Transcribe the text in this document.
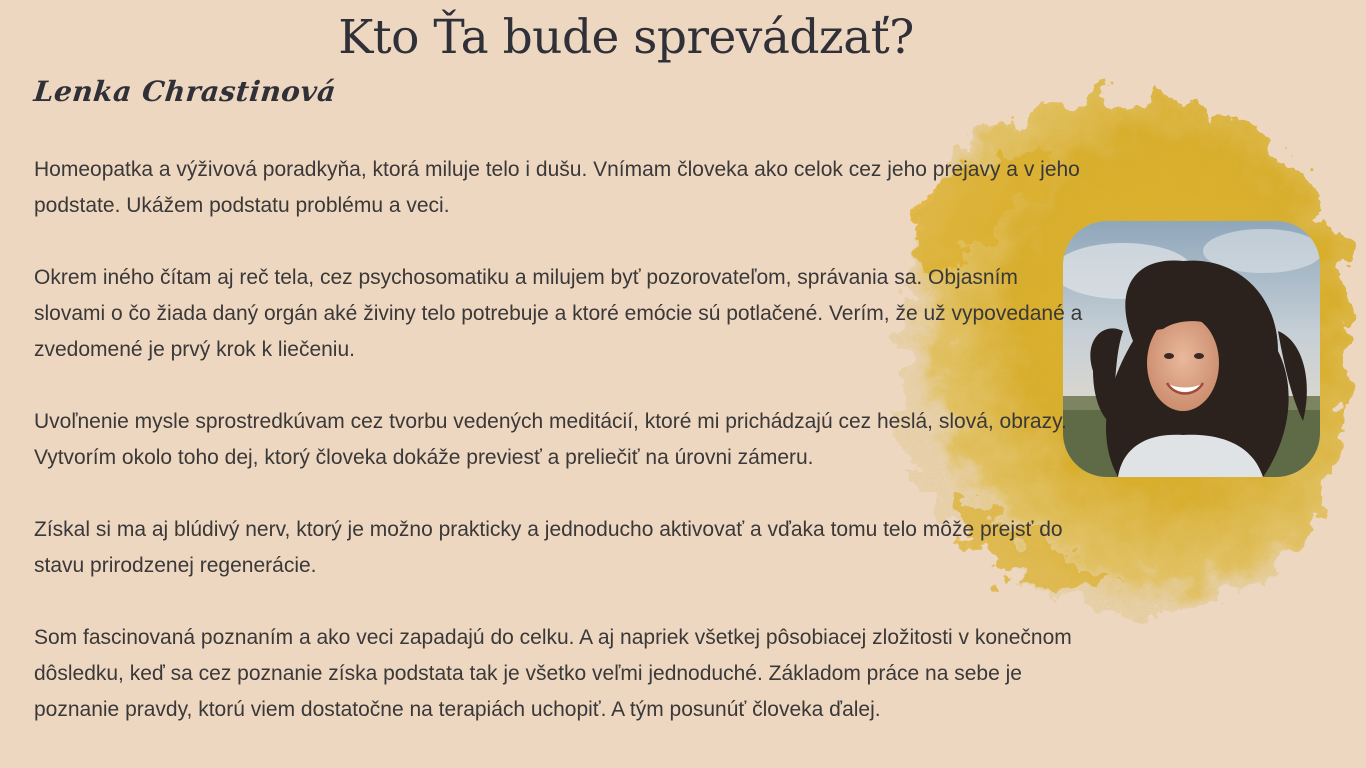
Kto Ťa bude sprevádzať?
Lenka Chrastinová

Homeopatka a výživová poradkyňa, ktorá miluje telo i dušu. Vnímam človeka ako celok cez jeho prejavy a v jeho podstate. Ukážem podstatu problému a veci.

Okrem iného čítam aj reč tela, cez psychosomatiku a milujem byť pozorovateľom, správania sa. Objasním slovami o čo žiada daný orgán aké živiny telo potrebuje a ktoré emócie sú potlačené. Verím, že už vypovedané a zvedomené je prvý krok k liečeniu.

Uvoľnenie mysle sprostredkúvam cez tvorbu vedených meditácií, ktoré mi prichádzajú cez heslá, slová, obrazy. Vytvorím okolo toho dej, ktorý človeka dokáže previesť a preliečiť na úrovni zámeru.

Získal si ma aj blúdivý nerv, ktorý je možno prakticky a jednoducho aktivovať a vďaka tomu telo môže prejsť do stavu prirodzenej regenerácie.

Som fascinovaná poznaním a ako veci zapadajú do celku. A aj napriek všetkej pôsobiacej zložitosti v konečnom dôsledku, keď sa cez poznanie získa podstata tak je všetko veľmi jednoduché. Základom práce na sebe je poznanie pravdy, ktorú viem dostatočne na terapiách uchopiť. A tým posunúť človeka ďalej.
